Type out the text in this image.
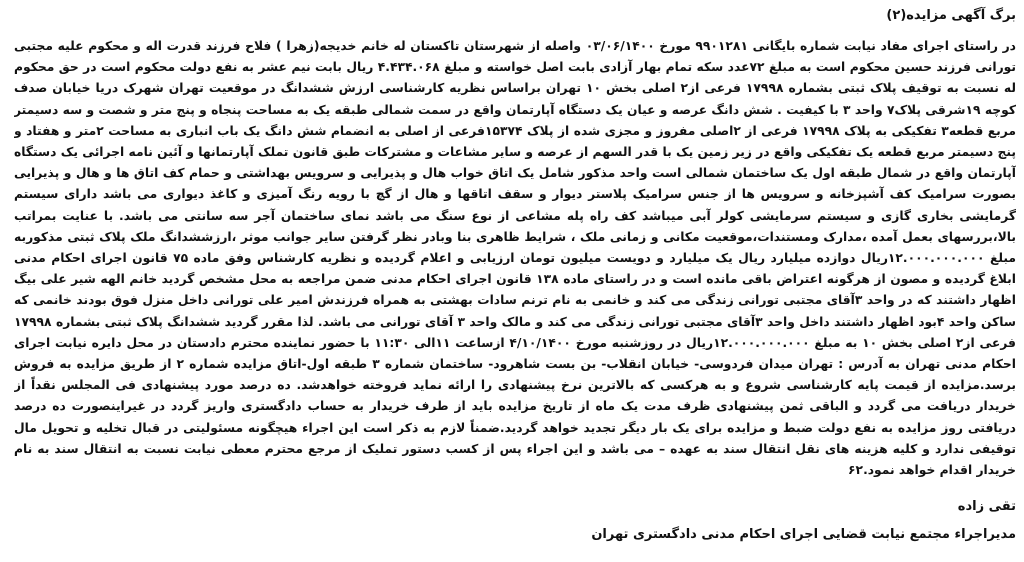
برگ آگهی مزایده(۲)

در راستای اجرای مفاد نیابت شماره بایگانی ۹۹۰۱۲۸۱ مورخ ۰۳/۰۶/۱۴۰۰ واصله از شهرستان تاکستان له خانم خدیجه(زهرا ) فلاح فرزند قدرت اله و محکوم علیه مجتبی تورانی فرزند حسین محکوم است به مبلغ ۷۲عدد سکه تمام بهار آزادی بابت اصل خواسته و مبلغ ۴.۴۳۴.۰۶۸ ریال بابت نیم عشر به نفع دولت محکوم است در حق محکوم له نسبت به توقیف پلاک ثبتی بشماره ۱۷۹۹۸ فرعی از۲ اصلی بخش ۱۰ تهران براساس نظریه کارشناسی ارزش ششدانگ در موقعیت تهران شهرک دریا خیابان صدف کوچه ۱۹شرقی پلاک۷ واحد ۳ با کیفیت . شش دانگ عرصه و عیان یک دستگاه آپارتمان واقع در سمت شمالی طبقه یک به مساحت پنجاه و پنج متر و شصت و سه دسیمتر مربع قطعه۳ تفکیکی به پلاک ۱۷۹۹۸ فرعی از ۲اصلی مفروز و مجزی شده از پلاک ۱۵۳۷۴فرعی از اصلی به انضمام شش دانگ یک باب انباری به مساحت ۲متر و هفتاد و پنج دسیمتر مربع قطعه یک تفکیکی واقع در زیر زمین یک با قدر السهم از عرصه و سایر مشاعات و مشترکات طبق قانون تملک آپارتمانها و آئین نامه اجرائی یک دستگاه آپارتمان واقع در شمال طبقه اول یک ساختمان شمالی است واحد مذکور شامل یک اتاق خواب هال و پذیرایی و سرویس بهداشتی و حمام کف اتاق ها و هال و پذیرایی بصورت سرامیک کف آشپزخانه و سرویس ها از جنس سرامیک پلاستر دیوار و سقف اتاقها و هال از گچ با رویه رنگ آمیزی و کاغذ دیواری می باشد دارای سیستم گرمایشی بخاری گازی و سیستم سرمایشی کولر آبی میباشد کف راه پله مشاعی از نوع سنگ می باشد نمای ساختمان آجر سه سانتی می باشد. با عنایت بمراتب بالا،بررسهای بعمل آمده ،مدارک ومستندات،موقعیت مکانی و زمانی ملک ، شرایط ظاهری بنا وبادر نظر گرفتن سایر جوانب موثر ،ارزششدانگ ملک پلاک ثبتی مذکوربه مبلغ ۱۲.۰۰۰.۰۰۰.۰۰۰ریال دوازده میلیارد ریال یک میلیارد و دویست میلیون تومان ارزیابی و اعلام گردیده و نظریه کارشناس وفق ماده ۷۵ قانون اجرای احکام مدنی ابلاغ گردیده و مصون از هرگونه اعتراض باقی مانده است و در راستای ماده ۱۳۸ قانون اجرای احکام مدنی ضمن مراجعه به محل مشخص گردید خانم الهه شیر علی بیگ اظهار داشتند که در واحد ۳آقای مجتبی تورانی زندگی می کند و خانمی به نام ترنم سادات بهشتی به همراه فرزندش امیر علی تورانی داخل منزل فوق بودند خانمی که ساکن واحد ۴بود اظهار داشتند داخل واحد ۳آقای مجتبی تورانی زندگی می کند و مالک واحد ۳ آقای تورانی می باشد. لذا مقرر گردید ششدانگ پلاک ثبتی بشماره ۱۷۹۹۸ فرعی از۲ اصلی بخش ۱۰ به مبلغ ۱۲.۰۰۰.۰۰۰.۰۰۰ریال در روزشنبه مورخ ۴/۱۰/۱۴۰۰ ازساعت ۱۱الی ۱۱:۳۰ با حضور نماینده محترم دادستان در محل دایره نیابت اجرای احکام مدنی تهران به آدرس : تهران میدان فردوسی- خیابان انقلاب- بن بست شاهرود- ساختمان شماره ۳ طبقه اول-اتاق مزایده شماره ۲ از طریق مزایده به فروش برسد.مزایده از قیمت پایه کارشناسی شروع و به هرکسی که بالاترین نرخ پیشنهادی را ارائه نماید فروخته خواهدشد. ده درصد مورد پیشنهادی فی المجلس نقداً از خریدار دریافت می گردد و الباقی ثمن پیشنهادی ظرف مدت یک ماه از تاریخ مزایده باید از طرف خریدار به حساب دادگستری واریز گردد در غیراینصورت ده درصد دریافتی روز مزایده به نفع دولت ضبط و مزایده برای یک بار دیگر تجدید خواهد گردید.ضمناً لازم به ذکر است این اجراء هیچگونه مسئولیتی در قبال تخلیه و تحویل مال توقیفی ندارد و کلیه هزینه های نقل انتقال سند به عهده – می باشد و این اجراء پس از کسب دستور تملیک از مرجع محترم معطی نیابت نسبت به انتقال سند به نام خریدار اقدام خواهد نمود.۶۲

تقی زاده
مدیراجراء مجتمع نیابت قضایی اجرای احکام مدنی دادگستری تهران
